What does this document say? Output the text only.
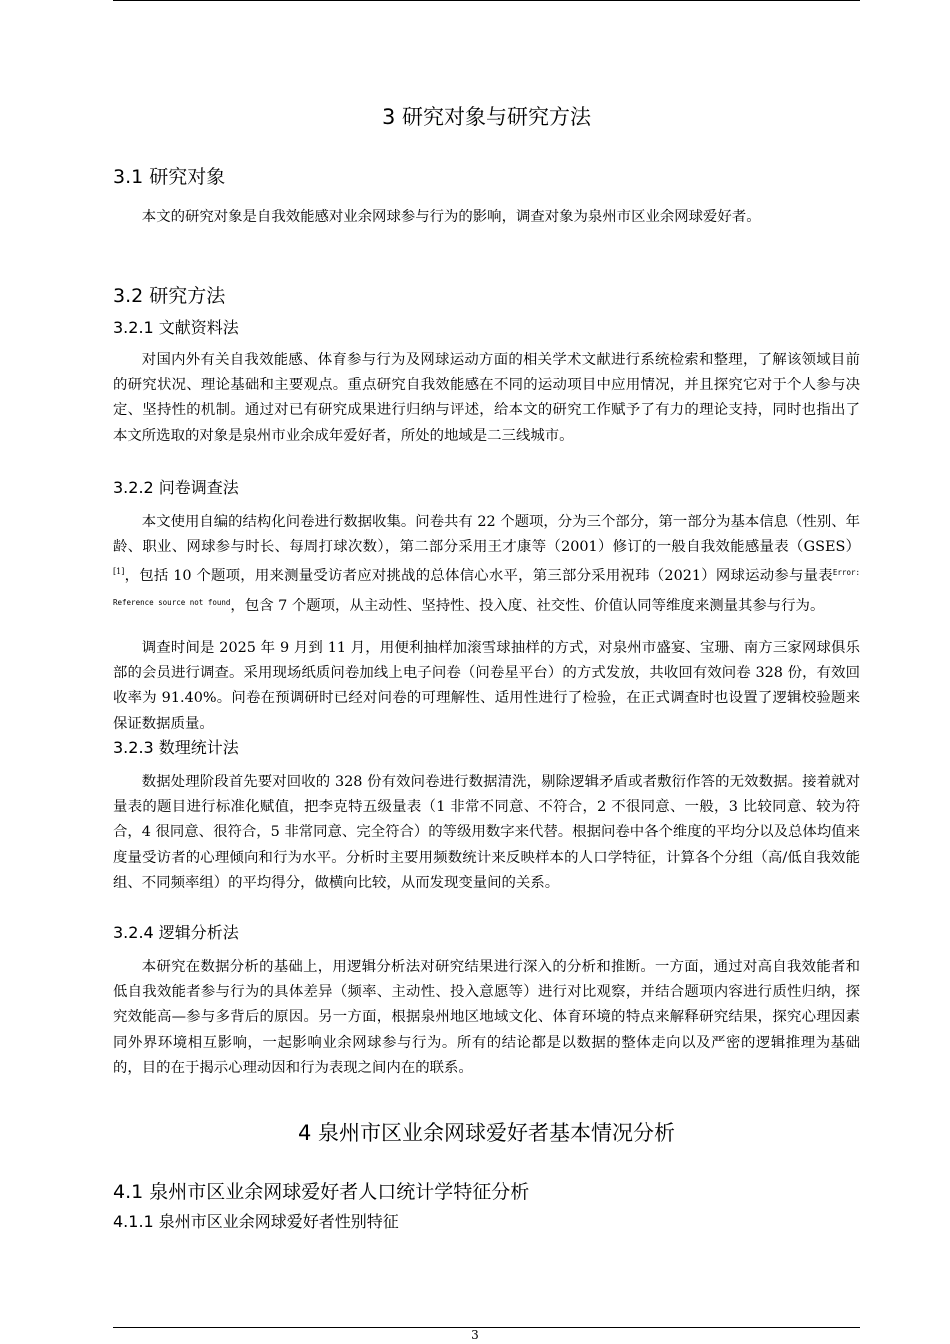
3 研究对象与研究方法
3.1 研究对象

本文的研究对象是自我效能感对业余网球参与行为的影响，调查对象为泉州市区业余网球爱好者。

3.2 研究方法
3.2.1 文献资料法

对国内外有关自我效能感、体育参与行为及网球运动方面的相关学术文献进行系统检索和整理，了解该领域目前的研究状况、理论基础和主要观点。重点研究自我效能感在不同的运动项目中应用情况，并且探究它对于个人参与决定、坚持性的机制。通过对已有研究成果进行归纳与评述，给本文的研究工作赋予了有力的理论支持，同时也指出了本文所选取的对象是泉州市业余成年爱好者，所处的地域是二三线城市。

3.2.2 问卷调查法

本文使用自编的结构化问卷进行数据收集。问卷共有 22 个题项，分为三个部分，第一部分为基本信息（性别、年龄、职业、网球参与时长、每周打球次数），第二部分采用王才康等（2001）修订的一般自我效能感量表（GSES）[1]，包括 10 个题项，用来测量受访者应对挑战的总体信心水平，第三部分采用祝玮（2021）网球运动参与量表$^{Error: Reference source not found}$，包含 7 个题项，从主动性、坚持性、投入度、社交性、价值认同等维度来测量其参与行为。

调查时间是 2025 年 9 月到 11 月，用便利抽样加滚雪球抽样的方式，对泉州市盛宴、宝珊、南方三家网球俱乐部的会员进行调查。采用现场纸质问卷加线上电子问卷（问卷星平台）的方式发放，共收回有效问卷 328 份，有效回收率为 91.40%。问卷在预调研时已经对问卷的可理解性、适用性进行了检验，在正式调查时也设置了逻辑校验题来保证数据质量。

3.2.3 数理统计法

数据处理阶段首先要对回收的 328 份有效问卷进行数据清洗，剔除逻辑矛盾或者敷衍作答的无效数据。接着就对量表的题目进行标准化赋值，把李克特五级量表（1 非常不同意、不符合，2 不很同意、一般，3 比较同意、较为符合，4 很同意、很符合，5 非常同意、完全符合）的等级用数字来代替。根据问卷中各个维度的平均分以及总体均值来度量受访者的心理倾向和行为水平。分析时主要用频数统计来反映样本的人口学特征，计算各个分组（高/低自我效能组、不同频率组）的平均得分，做横向比较，从而发现变量间的关系。

3.2.4 逻辑分析法

本研究在数据分析的基础上，用逻辑分析法对研究结果进行深入的分析和推断。一方面，通过对高自我效能者和低自我效能者参与行为的具体差异（频率、主动性、投入意愿等）进行对比观察，并结合题项内容进行质性归纳，探究效能高—参与多背后的原因。另一方面，根据泉州地区地域文化、体育环境的特点来解释研究结果，探究心理因素同外界环境相互影响，一起影响业余网球参与行为。所有的结论都是以数据的整体走向以及严密的逻辑推理为基础的，目的在于揭示心理动因和行为表现之间内在的联系。

4 泉州市区业余网球爱好者基本情况分析
4.1 泉州市区业余网球爱好者人口统计学特征分析
4.1.1 泉州市区业余网球爱好者性别特征
3
